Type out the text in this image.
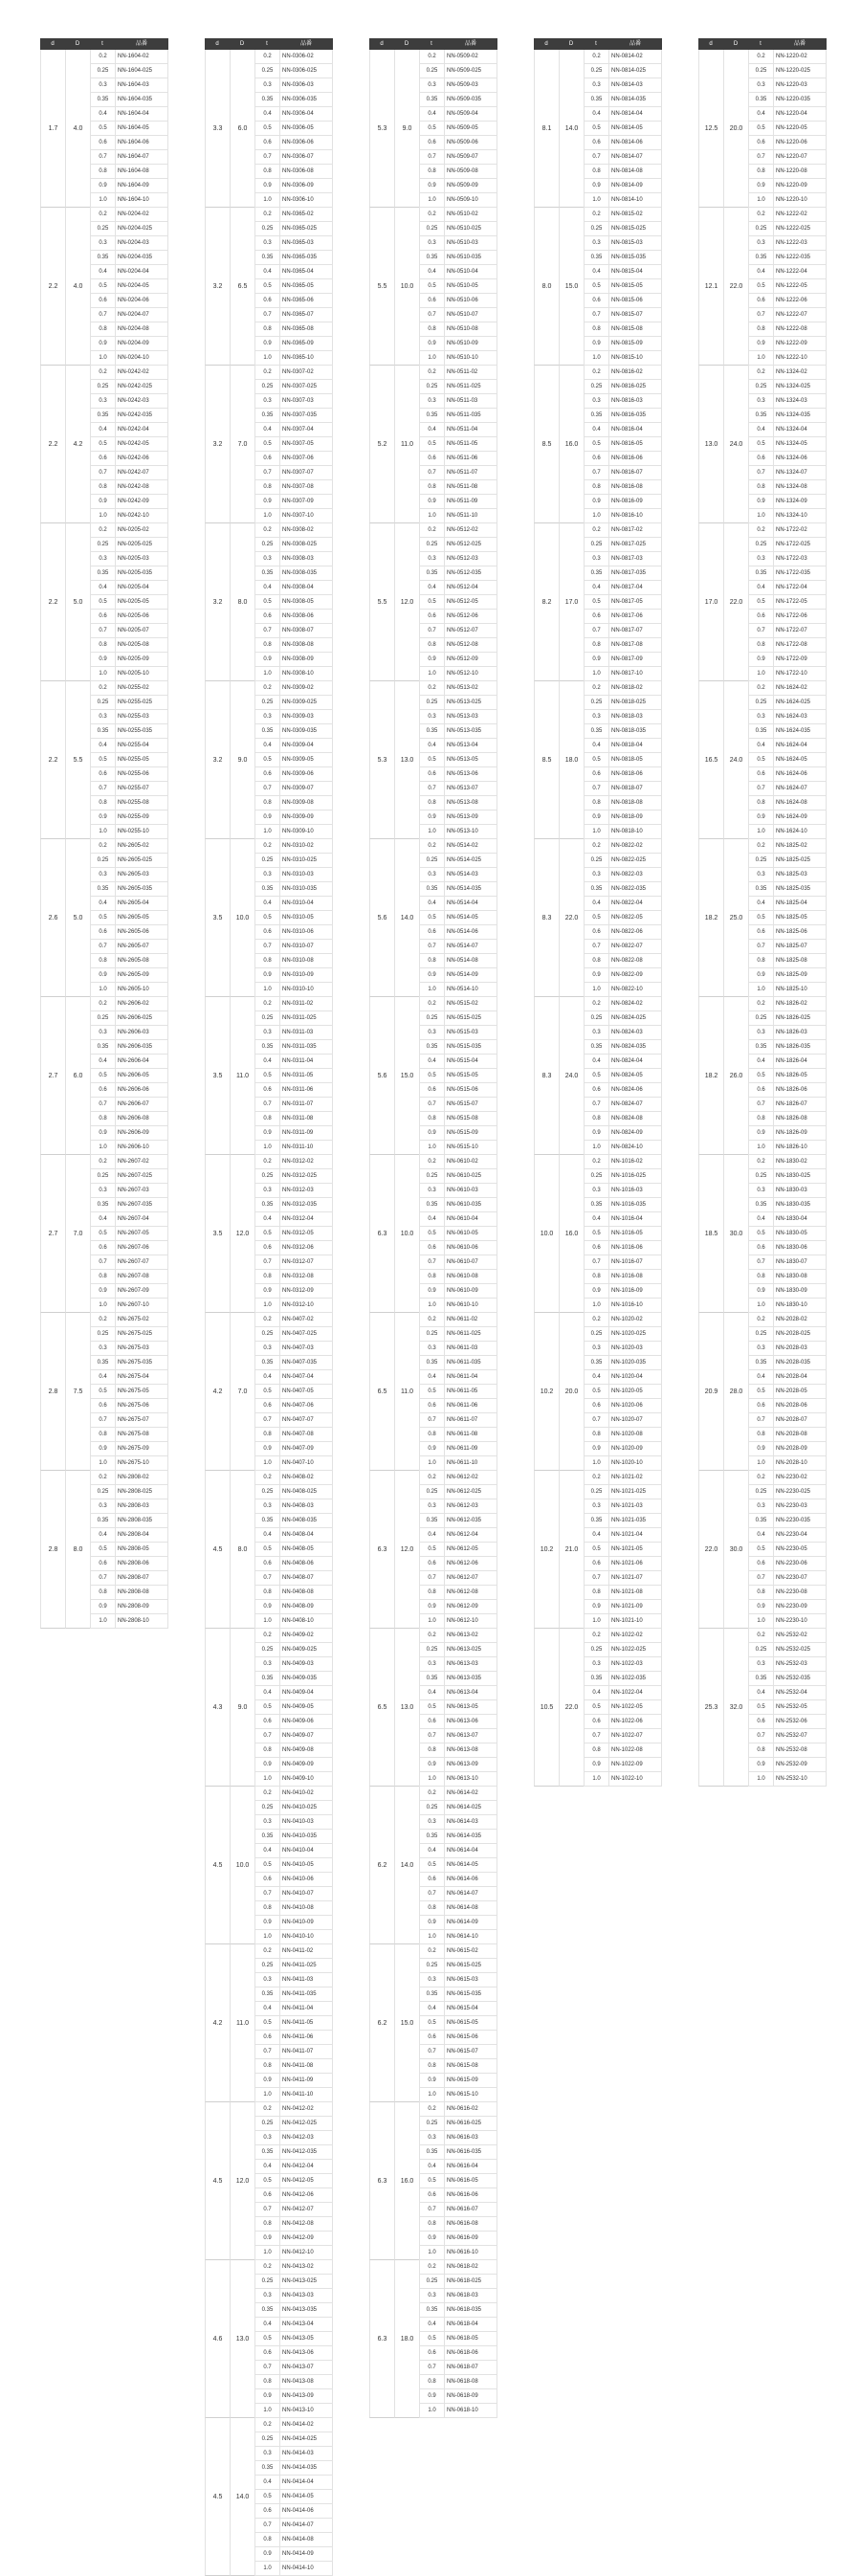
d	D	t	品番
1.7	4.0
0.2	NN-1604-02
0.25	NN-1604-025
0.3	NN-1604-03
0.35	NN-1604-035
0.4	NN-1604-04
0.5	NN-1604-05
0.6	NN-1604-06
0.7	NN-1604-07
0.8	NN-1604-08
0.9	NN-1604-09
1.0	NN-1604-10
2.2	4.0
0.2	NN-0204-02
0.25	NN-0204-025
0.3	NN-0204-03
0.35	NN-0204-035
0.4	NN-0204-04
0.5	NN-0204-05
0.6	NN-0204-06
0.7	NN-0204-07
0.8	NN-0204-08
0.9	NN-0204-09
1.0	NN-0204-10
2.2	4.2
0.2	NN-0242-02
0.25	NN-0242-025
0.3	NN-0242-03
0.35	NN-0242-035
0.4	NN-0242-04
0.5	NN-0242-05
0.6	NN-0242-06
0.7	NN-0242-07
0.8	NN-0242-08
0.9	NN-0242-09
1.0	NN-0242-10
2.2	5.0
0.2	NN-0205-02
0.25	NN-0205-025
0.3	NN-0205-03
0.35	NN-0205-035
0.4	NN-0205-04
0.5	NN-0205-05
0.6	NN-0205-06
0.7	NN-0205-07
0.8	NN-0205-08
0.9	NN-0205-09
1.0	NN-0205-10
2.2	5.5
0.2	NN-0255-02
0.25	NN-0255-025
0.3	NN-0255-03
0.35	NN-0255-035
0.4	NN-0255-04
0.5	NN-0255-05
0.6	NN-0255-06
0.7	NN-0255-07
0.8	NN-0255-08
0.9	NN-0255-09
1.0	NN-0255-10
2.6	5.0
0.2	NN-2605-02
0.25	NN-2605-025
0.3	NN-2605-03
0.35	NN-2605-035
0.4	NN-2605-04
0.5	NN-2605-05
0.6	NN-2605-06
0.7	NN-2605-07
0.8	NN-2605-08
0.9	NN-2605-09
1.0	NN-2605-10
2.7	6.0
0.2	NN-2606-02
0.25	NN-2606-025
0.3	NN-2606-03
0.35	NN-2606-035
0.4	NN-2606-04
0.5	NN-2606-05
0.6	NN-2606-06
0.7	NN-2606-07
0.8	NN-2606-08
0.9	NN-2606-09
1.0	NN-2606-10
2.7	7.0
0.2	NN-2607-02
0.25	NN-2607-025
0.3	NN-2607-03
0.35	NN-2607-035
0.4	NN-2607-04
0.5	NN-2607-05
0.6	NN-2607-06
0.7	NN-2607-07
0.8	NN-2607-08
0.9	NN-2607-09
1.0	NN-2607-10
2.8	7.5
0.2	NN-2675-02
0.25	NN-2675-025
0.3	NN-2675-03
0.35	NN-2675-035
0.4	NN-2675-04
0.5	NN-2675-05
0.6	NN-2675-06
0.7	NN-2675-07
0.8	NN-2675-08
0.9	NN-2675-09
1.0	NN-2675-10
2.8	8.0
0.2	NN-2808-02
0.25	NN-2808-025
0.3	NN-2808-03
0.35	NN-2808-035
0.4	NN-2808-04
0.5	NN-2808-05
0.6	NN-2808-06
0.7	NN-2808-07
0.8	NN-2808-08
0.9	NN-2808-09
1.0	NN-2808-10
d	D	t	品番
3.3	6.0
0.2	NN-0306-02
0.25	NN-0306-025
0.3	NN-0306-03
0.35	NN-0306-035
0.4	NN-0306-04
0.5	NN-0306-05
0.6	NN-0306-06
0.7	NN-0306-07
0.8	NN-0306-08
0.9	NN-0306-09
1.0	NN-0306-10
3.2	6.5
0.2	NN-0365-02
0.25	NN-0365-025
0.3	NN-0365-03
0.35	NN-0365-035
0.4	NN-0365-04
0.5	NN-0365-05
0.6	NN-0365-06
0.7	NN-0365-07
0.8	NN-0365-08
0.9	NN-0365-09
1.0	NN-0365-10
3.2	7.0
0.2	NN-0307-02
0.25	NN-0307-025
0.3	NN-0307-03
0.35	NN-0307-035
0.4	NN-0307-04
0.5	NN-0307-05
0.6	NN-0307-06
0.7	NN-0307-07
0.8	NN-0307-08
0.9	NN-0307-09
1.0	NN-0307-10
3.2	8.0
0.2	NN-0308-02
0.25	NN-0308-025
0.3	NN-0308-03
0.35	NN-0308-035
0.4	NN-0308-04
0.5	NN-0308-05
0.6	NN-0308-06
0.7	NN-0308-07
0.8	NN-0308-08
0.9	NN-0308-09
1.0	NN-0308-10
3.2	9.0
0.2	NN-0309-02
0.25	NN-0309-025
0.3	NN-0309-03
0.35	NN-0309-035
0.4	NN-0309-04
0.5	NN-0309-05
0.6	NN-0309-06
0.7	NN-0309-07
0.8	NN-0309-08
0.9	NN-0309-09
1.0	NN-0309-10
3.5	10.0
0.2	NN-0310-02
0.25	NN-0310-025
0.3	NN-0310-03
0.35	NN-0310-035
0.4	NN-0310-04
0.5	NN-0310-05
0.6	NN-0310-06
0.7	NN-0310-07
0.8	NN-0310-08
0.9	NN-0310-09
1.0	NN-0310-10
3.5	11.0
0.2	NN-0311-02
0.25	NN-0311-025
0.3	NN-0311-03
0.35	NN-0311-035
0.4	NN-0311-04
0.5	NN-0311-05
0.6	NN-0311-06
0.7	NN-0311-07
0.8	NN-0311-08
0.9	NN-0311-09
1.0	NN-0311-10
3.5	12.0
0.2	NN-0312-02
0.25	NN-0312-025
0.3	NN-0312-03
0.35	NN-0312-035
0.4	NN-0312-04
0.5	NN-0312-05
0.6	NN-0312-06
0.7	NN-0312-07
0.8	NN-0312-08
0.9	NN-0312-09
1.0	NN-0312-10
4.2	7.0
0.2	NN-0407-02
0.25	NN-0407-025
0.3	NN-0407-03
0.35	NN-0407-035
0.4	NN-0407-04
0.5	NN-0407-05
0.6	NN-0407-06
0.7	NN-0407-07
0.8	NN-0407-08
0.9	NN-0407-09
1.0	NN-0407-10
4.5	8.0
0.2	NN-0408-02
0.25	NN-0408-025
0.3	NN-0408-03
0.35	NN-0408-035
0.4	NN-0408-04
0.5	NN-0408-05
0.6	NN-0408-06
0.7	NN-0408-07
0.8	NN-0408-08
0.9	NN-0408-09
1.0	NN-0408-10
4.3	9.0
0.2	NN-0409-02
0.25	NN-0409-025
0.3	NN-0409-03
0.35	NN-0409-035
0.4	NN-0409-04
0.5	NN-0409-05
0.6	NN-0409-06
0.7	NN-0409-07
0.8	NN-0409-08
0.9	NN-0409-09
1.0	NN-0409-10
4.5	10.0
0.2	NN-0410-02
0.25	NN-0410-025
0.3	NN-0410-03
0.35	NN-0410-035
0.4	NN-0410-04
0.5	NN-0410-05
0.6	NN-0410-06
0.7	NN-0410-07
0.8	NN-0410-08
0.9	NN-0410-09
1.0	NN-0410-10
4.2	11.0
0.2	NN-0411-02
0.25	NN-0411-025
0.3	NN-0411-03
0.35	NN-0411-035
0.4	NN-0411-04
0.5	NN-0411-05
0.6	NN-0411-06
0.7	NN-0411-07
0.8	NN-0411-08
0.9	NN-0411-09
1.0	NN-0411-10
4.5	12.0
0.2	NN-0412-02
0.25	NN-0412-025
0.3	NN-0412-03
0.35	NN-0412-035
0.4	NN-0412-04
0.5	NN-0412-05
0.6	NN-0412-06
0.7	NN-0412-07
0.8	NN-0412-08
0.9	NN-0412-09
1.0	NN-0412-10
4.6	13.0
0.2	NN-0413-02
0.25	NN-0413-025
0.3	NN-0413-03
0.35	NN-0413-035
0.4	NN-0413-04
0.5	NN-0413-05
0.6	NN-0413-06
0.7	NN-0413-07
0.8	NN-0413-08
0.9	NN-0413-09
1.0	NN-0413-10
4.5	14.0
0.2	NN-0414-02
0.25	NN-0414-025
0.3	NN-0414-03
0.35	NN-0414-035
0.4	NN-0414-04
0.5	NN-0414-05
0.6	NN-0414-06
0.7	NN-0414-07
0.8	NN-0414-08
0.9	NN-0414-09
1.0	NN-0414-10
d	D	t	品番
5.3	9.0
0.2	NN-0509-02
0.25	NN-0509-025
0.3	NN-0509-03
0.35	NN-0509-035
0.4	NN-0509-04
0.5	NN-0509-05
0.6	NN-0509-06
0.7	NN-0509-07
0.8	NN-0509-08
0.9	NN-0509-09
1.0	NN-0509-10
5.5	10.0
0.2	NN-0510-02
0.25	NN-0510-025
0.3	NN-0510-03
0.35	NN-0510-035
0.4	NN-0510-04
0.5	NN-0510-05
0.6	NN-0510-06
0.7	NN-0510-07
0.8	NN-0510-08
0.9	NN-0510-09
1.0	NN-0510-10
5.2	11.0
0.2	NN-0511-02
0.25	NN-0511-025
0.3	NN-0511-03
0.35	NN-0511-035
0.4	NN-0511-04
0.5	NN-0511-05
0.6	NN-0511-06
0.7	NN-0511-07
0.8	NN-0511-08
0.9	NN-0511-09
1.0	NN-0511-10
5.5	12.0
0.2	NN-0512-02
0.25	NN-0512-025
0.3	NN-0512-03
0.35	NN-0512-035
0.4	NN-0512-04
0.5	NN-0512-05
0.6	NN-0512-06
0.7	NN-0512-07
0.8	NN-0512-08
0.9	NN-0512-09
1.0	NN-0512-10
5.3	13.0
0.2	NN-0513-02
0.25	NN-0513-025
0.3	NN-0513-03
0.35	NN-0513-035
0.4	NN-0513-04
0.5	NN-0513-05
0.6	NN-0513-06
0.7	NN-0513-07
0.8	NN-0513-08
0.9	NN-0513-09
1.0	NN-0513-10
5.6	14.0
0.2	NN-0514-02
0.25	NN-0514-025
0.3	NN-0514-03
0.35	NN-0514-035
0.4	NN-0514-04
0.5	NN-0514-05
0.6	NN-0514-06
0.7	NN-0514-07
0.8	NN-0514-08
0.9	NN-0514-09
1.0	NN-0514-10
5.6	15.0
0.2	NN-0515-02
0.25	NN-0515-025
0.3	NN-0515-03
0.35	NN-0515-035
0.4	NN-0515-04
0.5	NN-0515-05
0.6	NN-0515-06
0.7	NN-0515-07
0.8	NN-0515-08
0.9	NN-0515-09
1.0	NN-0515-10
6.3	10.0
0.2	NN-0610-02
0.25	NN-0610-025
0.3	NN-0610-03
0.35	NN-0610-035
0.4	NN-0610-04
0.5	NN-0610-05
0.6	NN-0610-06
0.7	NN-0610-07
0.8	NN-0610-08
0.9	NN-0610-09
1.0	NN-0610-10
6.5	11.0
0.2	NN-0611-02
0.25	NN-0611-025
0.3	NN-0611-03
0.35	NN-0611-035
0.4	NN-0611-04
0.5	NN-0611-05
0.6	NN-0611-06
0.7	NN-0611-07
0.8	NN-0611-08
0.9	NN-0611-09
1.0	NN-0611-10
6.3	12.0
0.2	NN-0612-02
0.25	NN-0612-025
0.3	NN-0612-03
0.35	NN-0612-035
0.4	NN-0612-04
0.5	NN-0612-05
0.6	NN-0612-06
0.7	NN-0612-07
0.8	NN-0612-08
0.9	NN-0612-09
1.0	NN-0612-10
6.5	13.0
0.2	NN-0613-02
0.25	NN-0613-025
0.3	NN-0613-03
0.35	NN-0613-035
0.4	NN-0613-04
0.5	NN-0613-05
0.6	NN-0613-06
0.7	NN-0613-07
0.8	NN-0613-08
0.9	NN-0613-09
1.0	NN-0613-10
6.2	14.0
0.2	NN-0614-02
0.25	NN-0614-025
0.3	NN-0614-03
0.35	NN-0614-035
0.4	NN-0614-04
0.5	NN-0614-05
0.6	NN-0614-06
0.7	NN-0614-07
0.8	NN-0614-08
0.9	NN-0614-09
1.0	NN-0614-10
6.2	15.0
0.2	NN-0615-02
0.25	NN-0615-025
0.3	NN-0615-03
0.35	NN-0615-035
0.4	NN-0615-04
0.5	NN-0615-05
0.6	NN-0615-06
0.7	NN-0615-07
0.8	NN-0615-08
0.9	NN-0615-09
1.0	NN-0615-10
6.3	16.0
0.2	NN-0616-02
0.25	NN-0616-025
0.3	NN-0616-03
0.35	NN-0616-035
0.4	NN-0616-04
0.5	NN-0616-05
0.6	NN-0616-06
0.7	NN-0616-07
0.8	NN-0616-08
0.9	NN-0616-09
1.0	NN-0616-10
6.3	18.0
0.2	NN-0618-02
0.25	NN-0618-025
0.3	NN-0618-03
0.35	NN-0618-035
0.4	NN-0618-04
0.5	NN-0618-05
0.6	NN-0618-06
0.7	NN-0618-07
0.8	NN-0618-08
0.9	NN-0618-09
1.0	NN-0618-10
d	D	t	品番
8.1	14.0
0.2	NN-0814-02
0.25	NN-0814-025
0.3	NN-0814-03
0.35	NN-0814-035
0.4	NN-0814-04
0.5	NN-0814-05
0.6	NN-0814-06
0.7	NN-0814-07
0.8	NN-0814-08
0.9	NN-0814-09
1.0	NN-0814-10
8.0	15.0
0.2	NN-0815-02
0.25	NN-0815-025
0.3	NN-0815-03
0.35	NN-0815-035
0.4	NN-0815-04
0.5	NN-0815-05
0.6	NN-0815-06
0.7	NN-0815-07
0.8	NN-0815-08
0.9	NN-0815-09
1.0	NN-0815-10
8.5	16.0
0.2	NN-0816-02
0.25	NN-0816-025
0.3	NN-0816-03
0.35	NN-0816-035
0.4	NN-0816-04
0.5	NN-0816-05
0.6	NN-0816-06
0.7	NN-0816-07
0.8	NN-0816-08
0.9	NN-0816-09
1.0	NN-0816-10
8.2	17.0
0.2	NN-0817-02
0.25	NN-0817-025
0.3	NN-0817-03
0.35	NN-0817-035
0.4	NN-0817-04
0.5	NN-0817-05
0.6	NN-0817-06
0.7	NN-0817-07
0.8	NN-0817-08
0.9	NN-0817-09
1.0	NN-0817-10
8.5	18.0
0.2	NN-0818-02
0.25	NN-0818-025
0.3	NN-0818-03
0.35	NN-0818-035
0.4	NN-0818-04
0.5	NN-0818-05
0.6	NN-0818-06
0.7	NN-0818-07
0.8	NN-0818-08
0.9	NN-0818-09
1.0	NN-0818-10
8.3	22.0
0.2	NN-0822-02
0.25	NN-0822-025
0.3	NN-0822-03
0.35	NN-0822-035
0.4	NN-0822-04
0.5	NN-0822-05
0.6	NN-0822-06
0.7	NN-0822-07
0.8	NN-0822-08
0.9	NN-0822-09
1.0	NN-0822-10
8.3	24.0
0.2	NN-0824-02
0.25	NN-0824-025
0.3	NN-0824-03
0.35	NN-0824-035
0.4	NN-0824-04
0.5	NN-0824-05
0.6	NN-0824-06
0.7	NN-0824-07
0.8	NN-0824-08
0.9	NN-0824-09
1.0	NN-0824-10
10.0	16.0
0.2	NN-1016-02
0.25	NN-1016-025
0.3	NN-1016-03
0.35	NN-1016-035
0.4	NN-1016-04
0.5	NN-1016-05
0.6	NN-1016-06
0.7	NN-1016-07
0.8	NN-1016-08
0.9	NN-1016-09
1.0	NN-1016-10
10.2	20.0
0.2	NN-1020-02
0.25	NN-1020-025
0.3	NN-1020-03
0.35	NN-1020-035
0.4	NN-1020-04
0.5	NN-1020-05
0.6	NN-1020-06
0.7	NN-1020-07
0.8	NN-1020-08
0.9	NN-1020-09
1.0	NN-1020-10
10.2	21.0
0.2	NN-1021-02
0.25	NN-1021-025
0.3	NN-1021-03
0.35	NN-1021-035
0.4	NN-1021-04
0.5	NN-1021-05
0.6	NN-1021-06
0.7	NN-1021-07
0.8	NN-1021-08
0.9	NN-1021-09
1.0	NN-1021-10
10.5	22.0
0.2	NN-1022-02
0.25	NN-1022-025
0.3	NN-1022-03
0.35	NN-1022-035
0.4	NN-1022-04
0.5	NN-1022-05
0.6	NN-1022-06
0.7	NN-1022-07
0.8	NN-1022-08
0.9	NN-1022-09
1.0	NN-1022-10
d	D	t	品番
12.5	20.0
0.2	NN-1220-02
0.25	NN-1220-025
0.3	NN-1220-03
0.35	NN-1220-035
0.4	NN-1220-04
0.5	NN-1220-05
0.6	NN-1220-06
0.7	NN-1220-07
0.8	NN-1220-08
0.9	NN-1220-09
1.0	NN-1220-10
12.1	22.0
0.2	NN-1222-02
0.25	NN-1222-025
0.3	NN-1222-03
0.35	NN-1222-035
0.4	NN-1222-04
0.5	NN-1222-05
0.6	NN-1222-06
0.7	NN-1222-07
0.8	NN-1222-08
0.9	NN-1222-09
1.0	NN-1222-10
13.0	24.0
0.2	NN-1324-02
0.25	NN-1324-025
0.3	NN-1324-03
0.35	NN-1324-035
0.4	NN-1324-04
0.5	NN-1324-05
0.6	NN-1324-06
0.7	NN-1324-07
0.8	NN-1324-08
0.9	NN-1324-09
1.0	NN-1324-10
17.0	22.0
0.2	NN-1722-02
0.25	NN-1722-025
0.3	NN-1722-03
0.35	NN-1722-035
0.4	NN-1722-04
0.5	NN-1722-05
0.6	NN-1722-06
0.7	NN-1722-07
0.8	NN-1722-08
0.9	NN-1722-09
1.0	NN-1722-10
16.5	24.0
0.2	NN-1624-02
0.25	NN-1624-025
0.3	NN-1624-03
0.35	NN-1624-035
0.4	NN-1624-04
0.5	NN-1624-05
0.6	NN-1624-06
0.7	NN-1624-07
0.8	NN-1624-08
0.9	NN-1624-09
1.0	NN-1624-10
18.2	25.0
0.2	NN-1825-02
0.25	NN-1825-025
0.3	NN-1825-03
0.35	NN-1825-035
0.4	NN-1825-04
0.5	NN-1825-05
0.6	NN-1825-06
0.7	NN-1825-07
0.8	NN-1825-08
0.9	NN-1825-09
1.0	NN-1825-10
18.2	26.0
0.2	NN-1826-02
0.25	NN-1826-025
0.3	NN-1826-03
0.35	NN-1826-035
0.4	NN-1826-04
0.5	NN-1826-05
0.6	NN-1826-06
0.7	NN-1826-07
0.8	NN-1826-08
0.9	NN-1826-09
1.0	NN-1826-10
18.5	30.0
0.2	NN-1830-02
0.25	NN-1830-025
0.3	NN-1830-03
0.35	NN-1830-035
0.4	NN-1830-04
0.5	NN-1830-05
0.6	NN-1830-06
0.7	NN-1830-07
0.8	NN-1830-08
0.9	NN-1830-09
1.0	NN-1830-10
20.9	28.0
0.2	NN-2028-02
0.25	NN-2028-025
0.3	NN-2028-03
0.35	NN-2028-035
0.4	NN-2028-04
0.5	NN-2028-05
0.6	NN-2028-06
0.7	NN-2028-07
0.8	NN-2028-08
0.9	NN-2028-09
1.0	NN-2028-10
22.0	30.0
0.2	NN-2230-02
0.25	NN-2230-025
0.3	NN-2230-03
0.35	NN-2230-035
0.4	NN-2230-04
0.5	NN-2230-05
0.6	NN-2230-06
0.7	NN-2230-07
0.8	NN-2230-08
0.9	NN-2230-09
1.0	NN-2230-10
25.3	32.0
0.2	NN-2532-02
0.25	NN-2532-025
0.3	NN-2532-03
0.35	NN-2532-035
0.4	NN-2532-04
0.5	NN-2532-05
0.6	NN-2532-06
0.7	NN-2532-07
0.8	NN-2532-08
0.9	NN-2532-09
1.0	NN-2532-10
